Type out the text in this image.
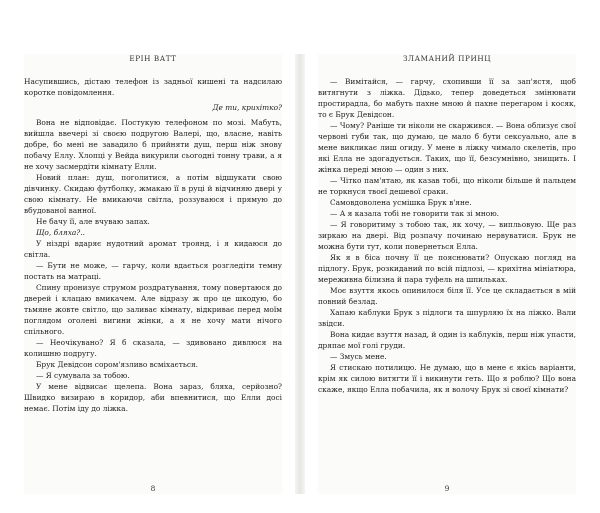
ЕРІН ВАТТ

Насупившись, дістаю телефон із задньої кишені та надсилаю коротке повідомлення.

Де ти, крихітко?

Вона не відповідає. Постукую телефоном по мозі. Мабуть, вийшла ввечері зі своєю подругою Валері, що, власне, навіть добре, бо мені не завадило б прийняти душ, перш ніж знову побачу Еллу. Хлопці у Вейда викурили сьогодні тонну трави, а я не хочу засмердіти кімнату Елли.

Новий план: душ, поголитися, а потім відшукати свою дівчинку. Скидаю футболку, жмакаю її в руці й відчиняю двері у свою кімнату. Не вмикаючи світла, роззуваюся і прямую до вбудованої ванної.

Не бачу її, але вчуваю запах.

Що, бляха?..

У ніздрі вдаряє нудотний аромат троянд, і я кидаюся до світла.

— Бути не може, — гарчу, коли вдається розгледіти темну постать на матраці.

Спину пронизує струмом роздратування, тому повертаюся до дверей і клацаю вмикачем. Але відразу ж про це шкодую, бо тьмяне жовте світло, що заливає кімнату, відкриває перед моїм поглядом оголені вигини жінки, а я не хочу мати нічого спільного.

— Неочікувано? Я б сказала, — здивовано дивлюся на колишню подругу.

Брук Девідсон сором'язливо всміхається.

— Я сумувала за тобою.

У мене відвисає щелепа. Вона зараз, бляха, серйозно? Швидко визираю в коридор, аби впевнитися, що Елли досі немає. Потім іду до ліжка.

8
ЗЛАМАНИЙ ПРИНЦ

— Вимітайся, — гарчу, схопивши її за зап'ястя, щоб витягнути з ліжка. Дідько, тепер доведеться змінювати простирадла, бо мабуть пахне мною й пахне перегаром і косяк, то є Брук Девідсон.

— Чому? Раніше ти ніколи не скаржився. — Вона облизує свої червоні губи так, що думаю, це мало б бути сексуально, але в мене викликає лиш огиду. У мене в ліжку чимало скелетів, про які Елла не здогадується. Таких, що її, безсумнівно, знищить. І жінка переді мною — один з них.

— Чітко пам'ятаю, як казав тобі, що ніколи більше й пальцем не торкнуся твоєї дешевої сраки.

Самовдоволена усмішка Брук в'яне.

— А я казала тобі не говорити так зі мною.

— Я говоритиму з тобою так, як хочу, — випльовую. Ще раз зиркаю на двері. Від розпачу починаю нервуватися. Брук не можна бути тут, коли повернеться Елла.

Як я в біса почну її це пояснювати? Опускаю погляд на підлогу. Брук, розкиданий по всій підлозі, — крихітна мініатюра, мереживна білизна й пара туфель на шпильках.

Моє взуття якось опинилося біля її. Усе це складається в мій повний безлад.

Хапаю каблуки Брук з підлоги та шпурляю їх на ліжко. Вали звідси.

Вона кидає взуття назад, й один із каблуків, перш ніж упасти, дряпає мої голі груди.

— Змусь мене.

Я стискаю потилицю. Не думаю, що в мене є якісь варіанти, крім як силою витягти її і викинути геть. Що я роблю? Що вона скаже, якщо Елла побачила, як я волочу Брук зі своєї кімнати?

9
